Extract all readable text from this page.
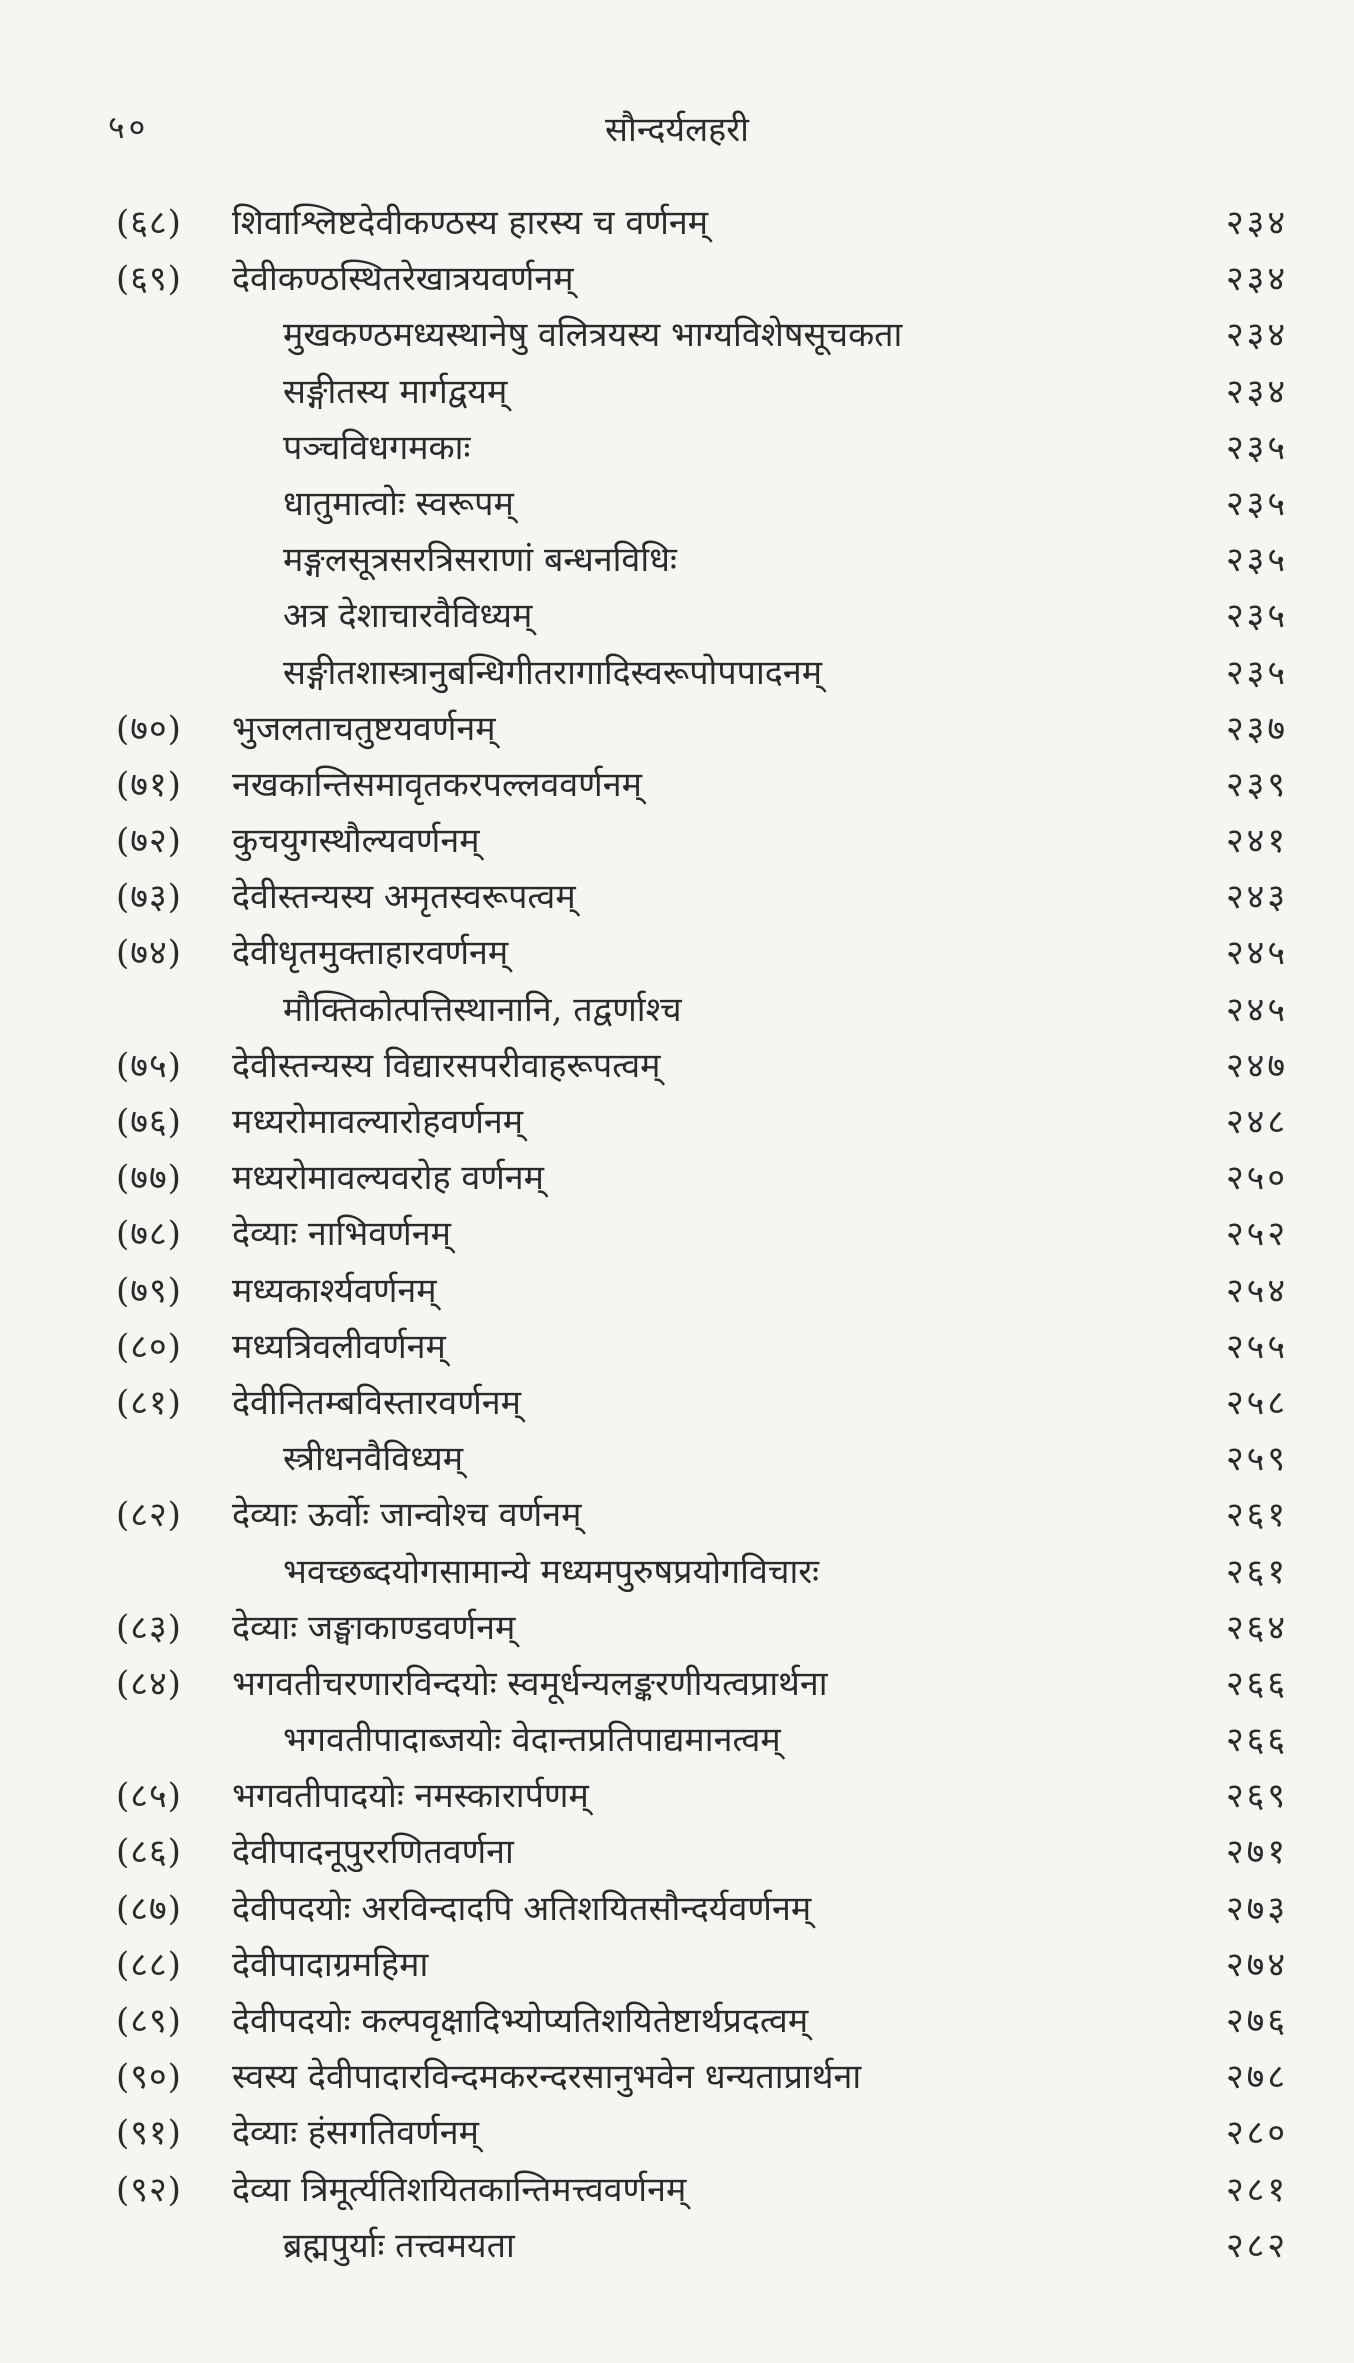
५०	सौन्दर्यलहरी
(६८)	शिवाश्लिष्टदेवीकण्ठस्य हारस्य च वर्णनम्	२३४
(६९)	देवीकण्ठस्थितरेखात्रयवर्णनम्	२३४
मुखकण्ठमध्यस्थानेषु वलित्रयस्य भाग्यविशेषसूचकता	२३४
सङ्गीतस्य मार्गद्वयम्	२३४
पञ्चविधगमकाः	२३५
धातुमात्वोः स्वरूपम्	२३५
मङ्गलसूत्रसरत्रिसराणां बन्धनविधिः	२३५
अत्र देशाचारवैविध्यम्	२३५
सङ्गीतशास्त्रानुबन्धिगीतरागादिस्वरूपोपपादनम्	२३५
(७०)	भुजलताचतुष्टयवर्णनम्	२३७
(७१)	नखकान्तिसमावृतकरपल्लववर्णनम्	२३९
(७२)	कुचयुगस्थौल्यवर्णनम्	२४१
(७३)	देवीस्तन्यस्य अमृतस्वरूपत्वम्	२४३
(७४)	देवीधृतमुक्ताहारवर्णनम्	२४५
मौक्तिकोत्पत्तिस्थानानि, तद्वर्णाश्च	२४५
(७५)	देवीस्तन्यस्य विद्यारसपरीवाहरूपत्वम्	२४७
(७६)	मध्यरोमावल्यारोहवर्णनम्	२४८
(७७)	मध्यरोमावल्यवरोह वर्णनम्	२५०
(७८)	देव्याः नाभिवर्णनम्	२५२
(७९)	मध्यकार्श्यवर्णनम्	२५४
(८०)	मध्यत्रिवलीवर्णनम्	२५५
(८१)	देवीनितम्बविस्तारवर्णनम्	२५८
स्त्रीधनवैविध्यम्	२५९
(८२)	देव्याः ऊर्वोः जान्वोश्च वर्णनम्	२६१
भवच्छब्दयोगसामान्ये मध्यमपुरुषप्रयोगविचारः	२६१
(८३)	देव्याः जङ्घाकाण्डवर्णनम्	२६४
(८४)	भगवतीचरणारविन्दयोः स्वमूर्धन्यलङ्करणीयत्वप्रार्थना	२६६
भगवतीपादाब्जयोः वेदान्तप्रतिपाद्यमानत्वम्	२६६
(८५)	भगवतीपादयोः नमस्कारार्पणम्	२६९
(८६)	देवीपादनूपुररणितवर्णना	२७१
(८७)	देवीपदयोः अरविन्दादपि अतिशयितसौन्दर्यवर्णनम्	२७३
(८८)	देवीपादाग्रमहिमा	२७४
(८९)	देवीपदयोः कल्पवृक्षादिभ्योप्यतिशयितेष्टार्थप्रदत्वम्	२७६
(९०)	स्वस्य देवीपादारविन्दमकरन्दरसानुभवेन धन्यताप्रार्थना	२७८
(९१)	देव्याः हंसगतिवर्णनम्	२८०
(९२)	देव्या त्रिमूर्त्यतिशयितकान्तिमत्त्ववर्णनम्	२८१
ब्रह्मपुर्याः तत्त्वमयता	२८२
